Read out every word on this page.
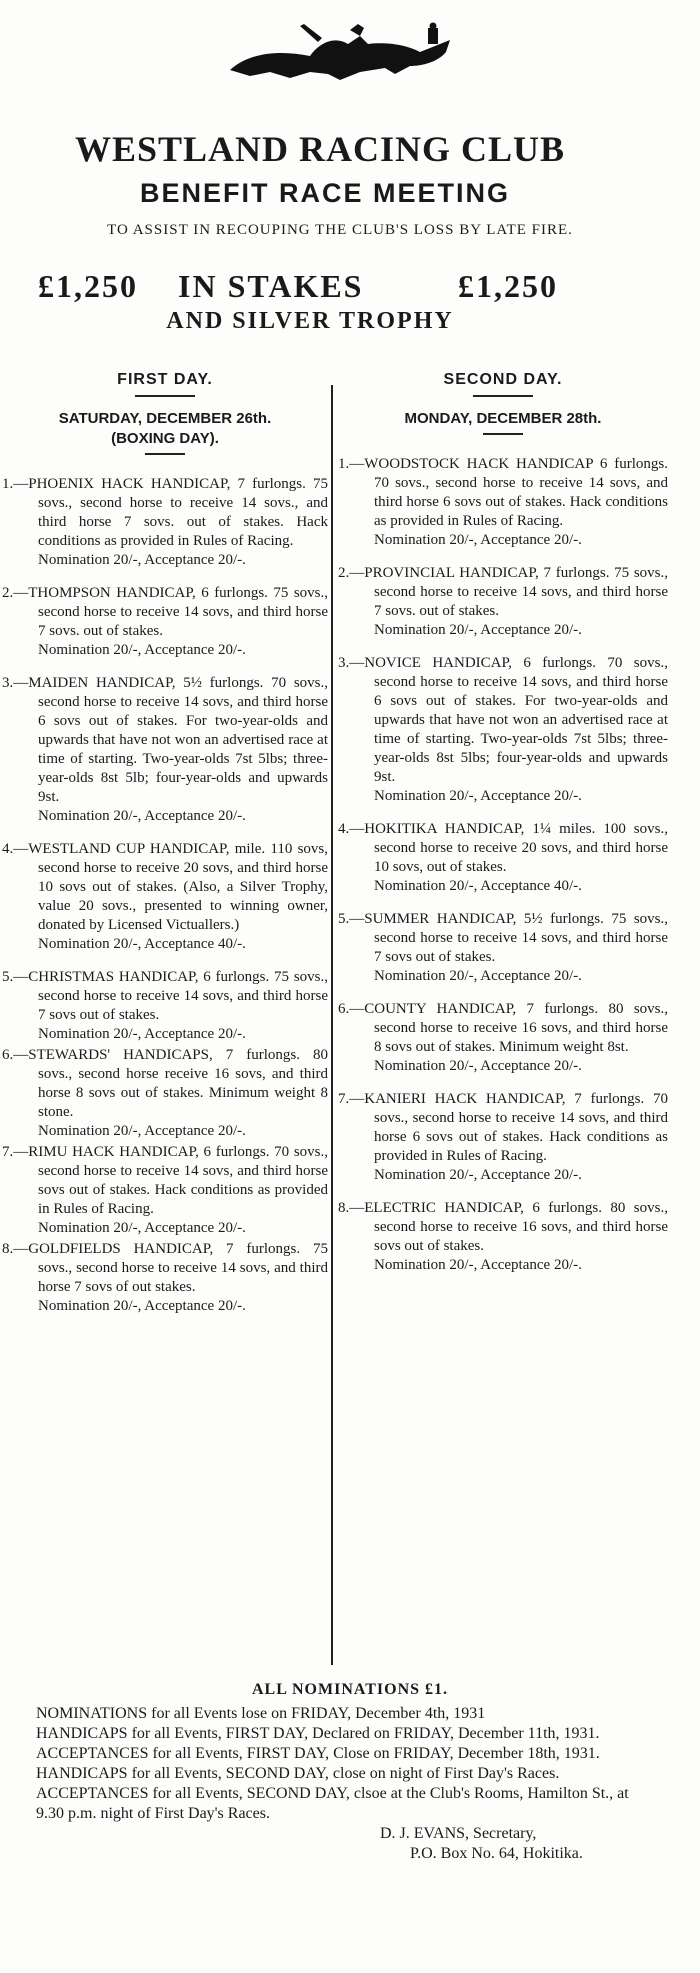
WESTLAND RACING CLUB
BENEFIT RACE MEETING
TO ASSIST IN RECOUPING THE CLUB'S LOSS BY LATE FIRE.
£1,250 IN STAKES	£1,250
AND SILVER TROPHY
FIRST DAY.
SATURDAY, DECEMBER 26th.
(BOXING DAY).
1.—PHOENIX HACK HANDICAP, 7 furlongs. 75 sovs., second horse to receive 14 sovs., and third horse 7 sovs. out of stakes. Hack conditions as provided in Rules of Racing.
Nomination 20/-, Acceptance 20/-.
2.—THOMPSON HANDICAP, 6 furlongs. 75 sovs., second horse to receive 14 sovs, and third horse 7 sovs. out of stakes.
Nomination 20/-, Acceptance 20/-.
3.—MAIDEN HANDICAP, 5½ furlongs. 70 sovs., second horse to receive 14 sovs, and third horse 6 sovs out of stakes. For two-year-olds and upwards that have not won an advertised race at time of starting. Two-year-olds 7st 5lbs; three-year-olds 8st 5lb; four-year-olds and upwards 9st.
Nomination 20/-, Acceptance 20/-.
4.—WESTLAND CUP HANDICAP, mile. 110 sovs, second horse to receive 20 sovs, and third horse 10 sovs out of stakes. (Also, a Silver Trophy, value 20 sovs., presented to winning owner, donated by Licensed Victuallers.)
Nomination 20/-, Acceptance 40/-.
5.—CHRISTMAS HANDICAP, 6 furlongs. 75 sovs., second horse to receive 14 sovs, and third horse 7 sovs out of stakes.
Nomination 20/-, Acceptance 20/-.
6.—STEWARDS' HANDICAPS, 7 furlongs. 80 sovs., second horse receive 16 sovs, and third horse 8 sovs out of stakes. Minimum weight 8 stone.
Nomination 20/-, Acceptance 20/-.
7.—RIMU HACK HANDICAP, 6 furlongs. 70 sovs., second horse to receive 14 sovs, and third horse sovs out of stakes. Hack conditions as provided in Rules of Racing.
Nomination 20/-, Acceptance 20/-.
8.—GOLDFIELDS HANDICAP, 7 furlongs. 75 sovs., second horse to receive 14 sovs, and third horse 7 sovs of out stakes.
Nomination 20/-, Acceptance 20/-.
SECOND DAY.
MONDAY, DECEMBER 28th.
1.—WOODSTOCK HACK HANDICAP 6 furlongs. 70 sovs., second horse to receive 14 sovs, and third horse 6 sovs out of stakes. Hack conditions as provided in Rules of Racing.
Nomination 20/-, Acceptance 20/-.
2.—PROVINCIAL HANDICAP, 7 furlongs. 75 sovs., second horse to receive 14 sovs, and third horse 7 sovs. out of stakes.
Nomination 20/-, Acceptance 20/-.
3.—NOVICE HANDICAP, 6 furlongs. 70 sovs., second horse to receive 14 sovs, and third horse 6 sovs out of stakes. For two-year-olds and upwards that have not won an advertised race at time of starting. Two-year-olds 7st 5lbs; three-year-olds 8st 5lbs; four-year-olds and upwards 9st.
Nomination 20/-, Acceptance 20/-.
4.—HOKITIKA HANDICAP, 1¼ miles. 100 sovs., second horse to receive 20 sovs, and third horse 10 sovs, out of stakes.
Nomination 20/-, Acceptance 40/-.
5.—SUMMER HANDICAP, 5½ furlongs. 75 sovs., second horse to receive 14 sovs, and third horse 7 sovs out of stakes.
Nomination 20/-, Acceptance 20/-.
6.—COUNTY HANDICAP, 7 furlongs. 80 sovs., second horse to receive 16 sovs, and third horse 8 sovs out of stakes. Minimum weight 8st.
Nomination 20/-, Acceptance 20/-.
7.—KANIERI HACK HANDICAP, 7 furlongs. 70 sovs., second horse to receive 14 sovs, and third horse 6 sovs out of stakes. Hack conditions as provided in Rules of Racing.
Nomination 20/-, Acceptance 20/-.
8.—ELECTRIC HANDICAP, 6 furlongs. 80 sovs., second horse to receive 16 sovs, and third horse sovs out of stakes.
Nomination 20/-, Acceptance 20/-.
ALL NOMINATIONS £1.
NOMINATIONS for all Events lose on FRIDAY, December 4th, 1931
HANDICAPS for all Events, FIRST DAY, Declared on FRIDAY, December 11th, 1931.
ACCEPTANCES for all Events, FIRST DAY, Close on FRIDAY, December 18th, 1931.
HANDICAPS for all Events, SECOND DAY, close on night of First Day's Races.
ACCEPTANCES for all Events, SECOND DAY, clsoe at the Club's Rooms, Hamilton St., at 9.30 p.m. night of First Day's Races.
D. J. EVANS, Secretary,
P.O. Box No. 64, Hokitika.
